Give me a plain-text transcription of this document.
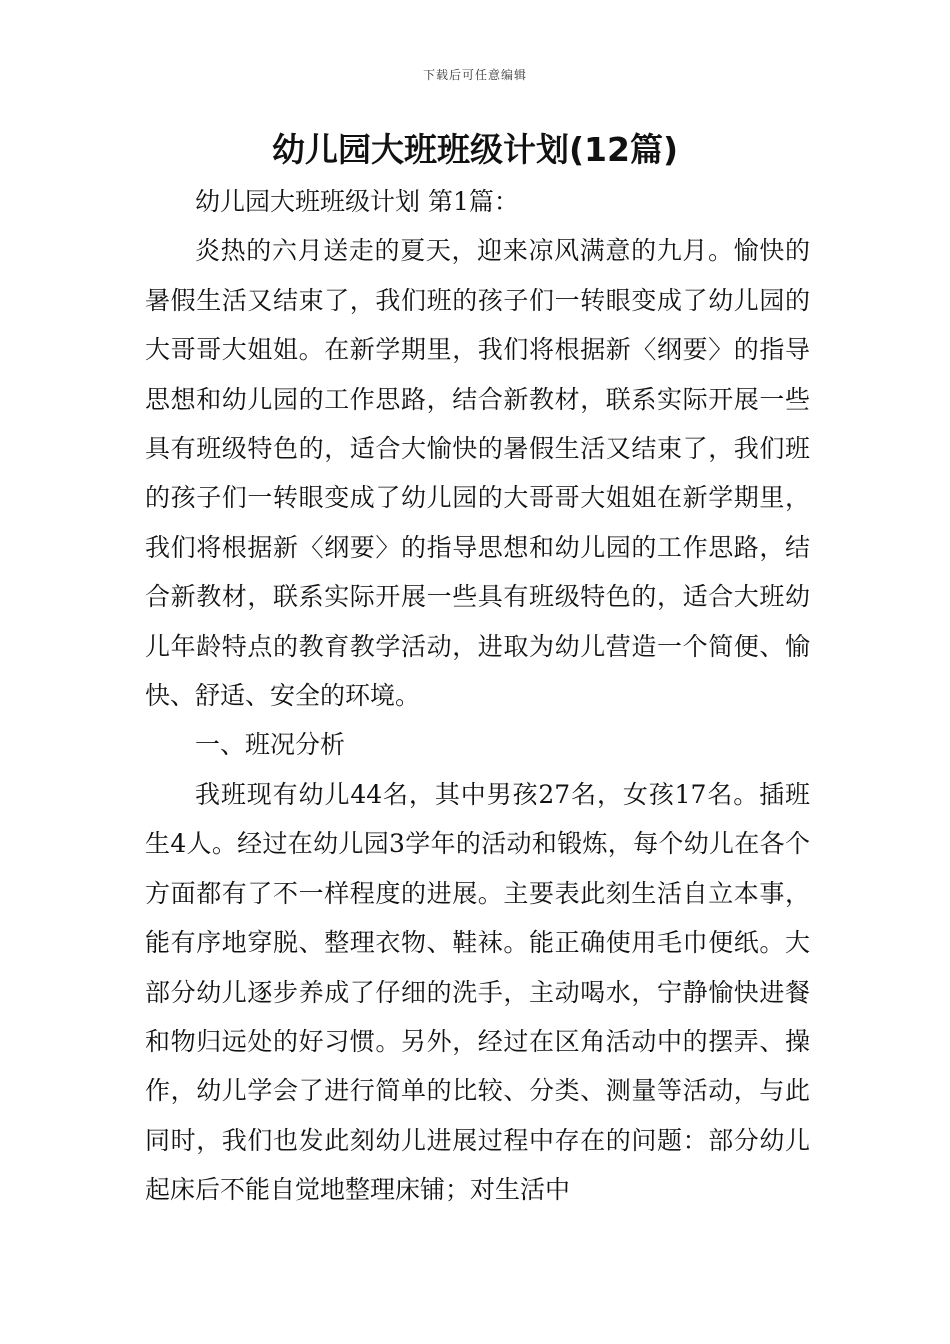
下载后可任意编辑
幼儿园大班班级计划(12篇)

幼儿园大班班级计划 第1篇：

炎热的六月送走的夏天，迎来凉风满意的九月。愉快的暑假生活又结束了，我们班的孩子们一转眼变成了幼儿园的大哥哥大姐姐。在新学期里，我们将根据新〈纲要〉的指导思想和幼儿园的工作思路，结合新教材，联系实际开展一些具有班级特色的，适合大愉快的暑假生活又结束了，我们班的孩子们一转眼变成了幼儿园的大哥哥大姐姐在新学期里，我们将根据新〈纲要〉的指导思想和幼儿园的工作思路，结合新教材，联系实际开展一些具有班级特色的，适合大班幼儿年龄特点的教育教学活动，进取为幼儿营造一个简便、愉快、舒适、安全的环境。

一、班况分析

我班现有幼儿44名，其中男孩27名，女孩17名。插班生4人。经过在幼儿园3学年的活动和锻炼，每个幼儿在各个方面都有了不一样程度的进展。主要表此刻生活自立本事，能有序地穿脱、整理衣物、鞋袜。能正确使用毛巾便纸。大部分幼儿逐步养成了仔细的洗手，主动喝水，宁静愉快进餐和物归远处的好习惯。另外，经过在区角活动中的摆弄、操作，幼儿学会了进行简单的比较、分类、测量等活动，与此同时，我们也发此刻幼儿进展过程中存在的问题：部分幼儿起床后不能自觉地整理床铺；对生活中
